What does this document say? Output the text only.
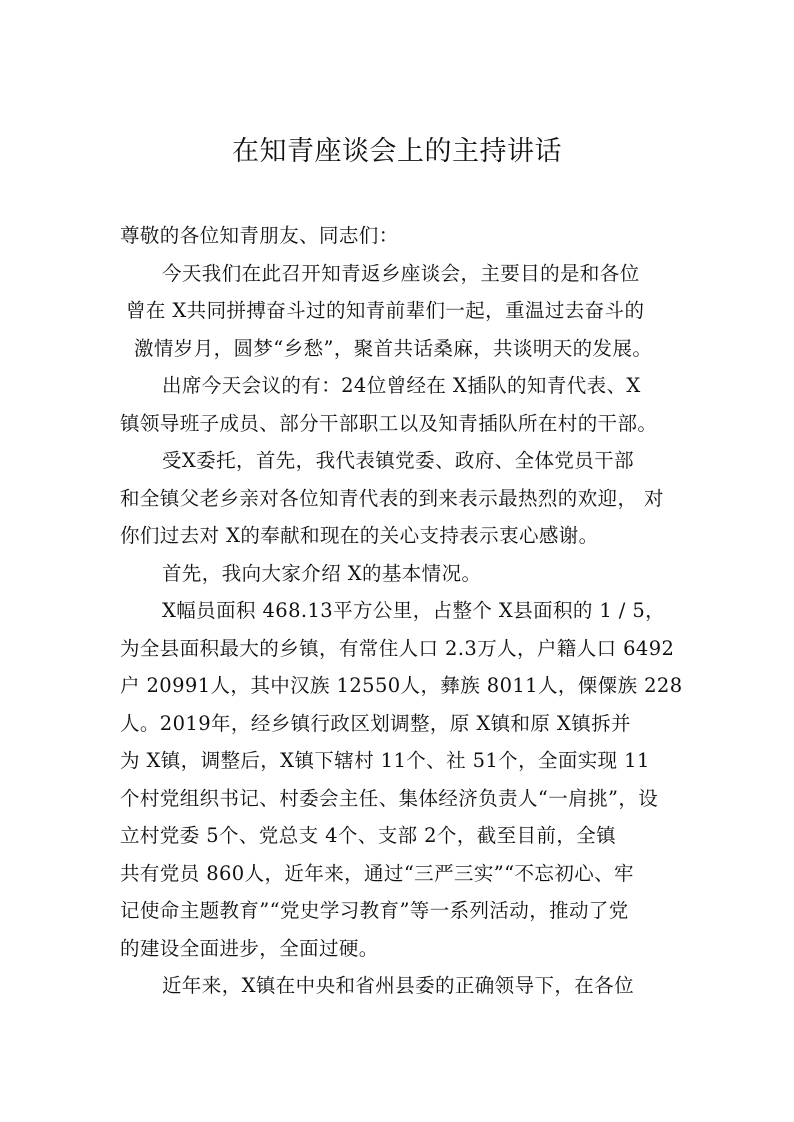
在知青座谈会上的主持讲话
尊敬的各位知青朋友、同志们：
今天我们在此召开知青返乡座谈会，主要目的是和各位
曾在 X共同拼搏奋斗过的知青前辈们一起，重温过去奋斗的
激情岁月，圆梦“乡愁”，聚首共话桑麻，共谈明天的发展。
出席今天会议的有：24位曾经在 X插队的知青代表、X
镇领导班子成员、部分干部职工以及知青插队所在村的干部。
受X委托，首先，我代表镇党委、政府、全体党员干部
和全镇父老乡亲对各位知青代表的到来表示最热烈的欢迎， 对
你们过去对 X的奉献和现在的关心支持表示衷心感谢。
首先，我向大家介绍 X的基本情况。
X幅员面积 468.13平方公里，占整个 X县面积的 1 / 5，
为全县面积最大的乡镇，有常住人口 2.3万人，户籍人口 6492
户 20991人，其中汉族 12550人，彝族 8011人，傈僳族 228
人。2019年，经乡镇行政区划调整，原 X镇和原 X镇拆并
为 X镇，调整后，X镇下辖村 11个、社 51个，全面实现 11
个村党组织书记、村委会主任、集体经济负责人“一肩挑”，设
立村党委 5个、党总支 4个、支部 2个，截至目前，全镇
共有党员 860人，近年来，通过“三严三实”“不忘初心、牢
记使命主题教育”“党史学习教育”等一系列活动，推动了党
的建设全面进步，全面过硬。
近年来，X镇在中央和省州县委的正确领导下，在各位
